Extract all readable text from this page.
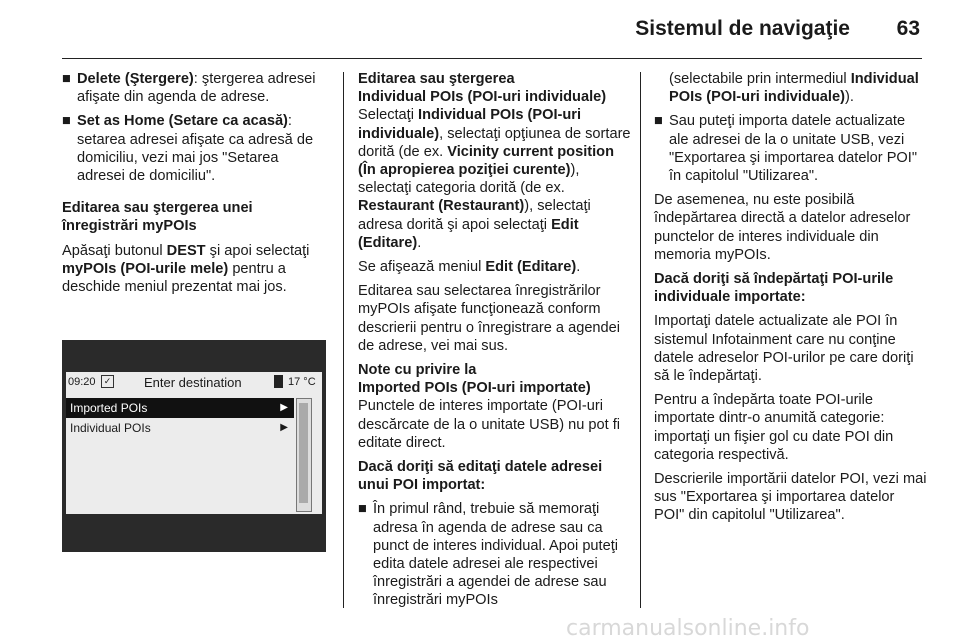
Sistemul de navigaţie 63
■ Delete (Ştergere): ştergerea adresei afişate din agenda de adrese.
■ Set as Home (Setare ca acasă): setarea adresei afişate ca adresă de domiciliu, vezi mai jos "Setarea adresei de domiciliu".

Editarea sau ştergerea unei înregistrări myPOIs

Apăsaţi butonul DEST şi apoi selectaţi myPOIs (POI-urile mele) pentru a deschide meniul prezentat mai jos.

09:20 ✓	Enter destination	17 °C
Imported POIs	▶
Individual POIs	▶
Editarea sau ştergerea
Individual POIs (POI-uri individuale)

Selectaţi Individual POIs (POI-uri individuale), selectaţi opţiunea de sortare dorită (de ex. Vicinity current position (În apropierea poziţiei curente)), selectaţi categoria dorită (de ex. Restaurant (Restaurant)), selectaţi adresa dorită şi apoi selectaţi Edit (Editare).

Se afişează meniul Edit (Editare).

Editarea sau selectarea înregistrărilor myPOIs afişate funcţionează conform descrierii pentru o înregistrare a agendei de adrese, vei mai sus.

Note cu privire la
Imported POIs (POI-uri importate)

Punctele de interes importate (POI-uri descărcate de la o unitate USB) nu pot fi editate direct.

Dacă doriţi să editaţi datele adresei unui POI importat:

■ În primul rând, trebuie să memoraţi adresa în agenda de adrese sau ca punct de interes individual. Apoi puteţi edita datele adresei ale respectivei înregistrări a agendei de adrese sau înregistrări myPOIs

(selectabile prin intermediul Individual POIs (POI-uri individuale)).

■ Sau puteţi importa datele actualizate ale adresei de la o unitate USB, vezi "Exportarea şi importarea datelor POI" în capitolul "Utilizarea".

De asemenea, nu este posibilă îndepărtarea directă a datelor adreselor punctelor de interes individuale din memoria myPOIs.

Dacă doriţi să îndepărtaţi POI-urile individuale importate:

Importaţi datele actualizate ale POI în sistemul Infotainment care nu conţine datele adreselor POI-urilor pe care doriţi să le îndepărtaţi.

Pentru a îndepărta toate POI-urile importate dintr-o anumită categorie: importaţi un fişier gol cu date POI din categoria respectivă.

Descrierile importării datelor POI, vezi mai sus "Exportarea şi importarea datelor POI" din capitolul "Utilizarea".

carmanualsonline.info
